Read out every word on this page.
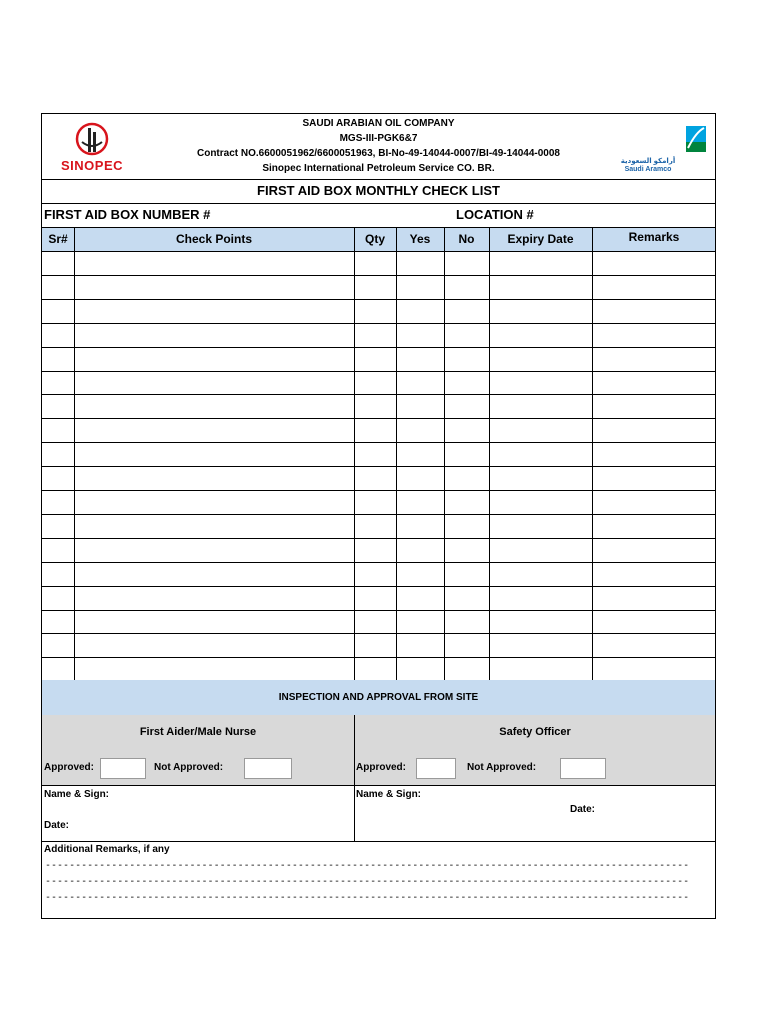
SINOPEC
SAUDI ARABIAN OIL COMPANY
MGS-III-PGK6&7
Contract NO.6600051962/6600051963, BI-No-49-14044-0007/BI-49-14044-0008
Sinopec International Petroleum Service CO. BR.
أرامكو السعودية
Saudi Aramco
FIRST AID BOX MONTHLY CHECK LIST
FIRST AID BOX NUMBER #	LOCATION #
Sr#	Check Points	Qty	Yes	No	Expiry Date	Remarks
INSPECTION AND APPROVAL FROM SITE
First Aider/Male Nurse	Safety Officer
Approved:	Not Approved:	Approved:	Not Approved:
Name & Sign:
Date:
Name & Sign:
Date:
Additional Remarks, if any
-----------------------------------------------------------------------------------------------------------
-----------------------------------------------------------------------------------------------------------
-----------------------------------------------------------------------------------------------------------
